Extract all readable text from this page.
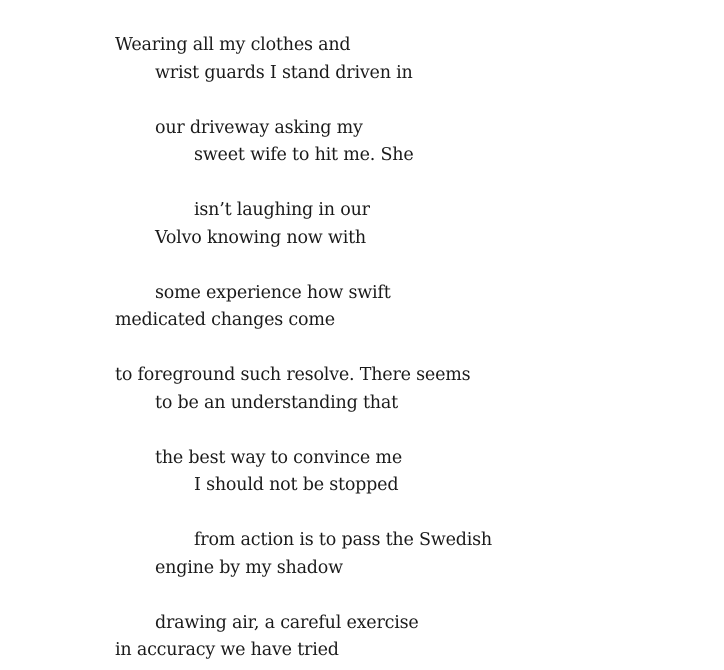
Wearing all my clothes and
wrist guards I stand driven in
our driveway asking my
sweet wife to hit me. She
isn’t laughing in our
Volvo knowing now with
some experience how swift
medicated changes come
to foreground such resolve. There seems
to be an understanding that
the best way to convince me
I should not be stopped
from action is to pass the Swedish
engine by my shadow
drawing air, a careful exercise
in accuracy we have tried
